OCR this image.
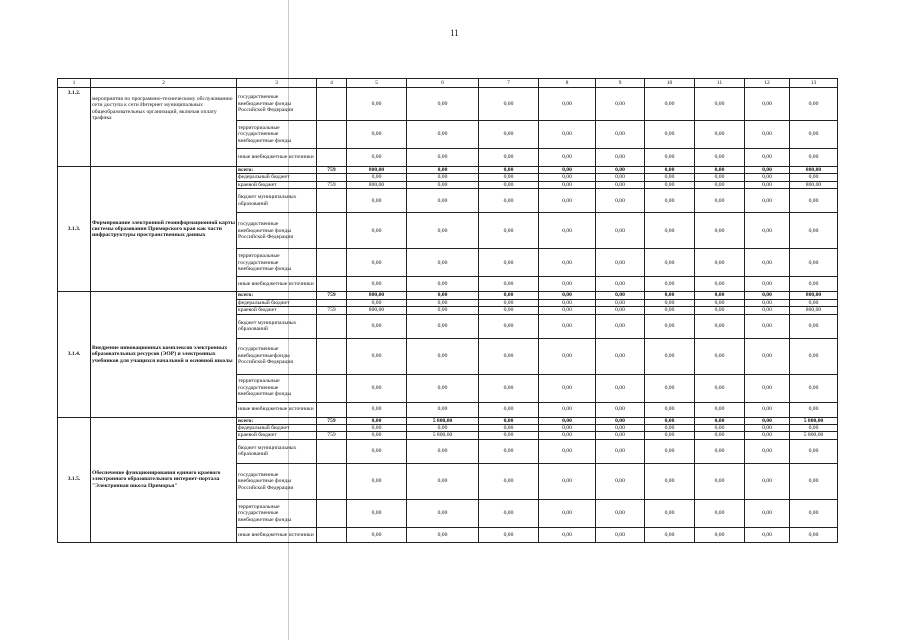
11
1	2	3	4	5	6	7	8	9	10	11	12	13
3.1.2.	мероприятия по программно-техническому обслуживанию сети доступа к сети Интернет муниципальных общеобразовательных организаций, включая оплату трафика	государственные внебюджетные фонды Российской Федерации		0,00	0,00	0,00	0,00	0,00	0,00	0,00	0,00	0,00
		территориальные государственные внебюджетные фонды		0,00	0,00	0,00	0,00	0,00	0,00	0,00	0,00	0,00
		иные внебюджетные источники		0,00	0,00	0,00	0,00	0,00	0,00	0,00	0,00	0,00
3.1.3.	Формирование электронной геоинформационной карты системы образования Приморского края как части инфраструктуры пространственных данных	всего:	759	800,00	0,00	0,00	0,00	0,00	0,00	0,00	0,00	800,00
		федеральный бюджет		0,00	0,00	0,00	0,00	0,00	0,00	0,00	0,00	0,00
		краевой бюджет	759	800,00	0,00	0,00	0,00	0,00	0,00	0,00	0,00	800,00
		бюджет муниципальных образований		0,00	0,00	0,00	0,00	0,00	0,00	0,00	0,00	0,00
		государственные внебюджетные фонды Российской Федерации		0,00	0,00	0,00	0,00	0,00	0,00	0,00	0,00	0,00
		территориальные государственные внебюджетные фонды		0,00	0,00	0,00	0,00	0,00	0,00	0,00	0,00	0,00
		иные внебюджетные источники		0,00	0,00	0,00	0,00	0,00	0,00	0,00	0,00	0,00
3.1.4.	Внедрение инновационных комплексов электронных образовательных ресурсов (ЭОР) и электронных учебников для учащихся начальной и основной школы	всего:	759	800,00	0,00	0,00	0,00	0,00	0,00	0,00	0,00	800,00
		федеральный бюджет		0,00	0,00	0,00	0,00	0,00	0,00	0,00	0,00	0,00
		краевой бюджет	759	800,00	0,00	0,00	0,00	0,00	0,00	0,00	0,00	800,00
		бюджет муниципальных образований		0,00	0,00	0,00	0,00	0,00	0,00	0,00	0,00	0,00
		государственные внебюджетныефонды Российской Федерации		0,00	0,00	0,00	0,00	0,00	0,00	0,00	0,00	0,00
		территориальные государственные внебюджетные фонды		0,00	0,00	0,00	0,00	0,00	0,00	0,00	0,00	0,00
		иные внебюджетные источники		0,00	0,00	0,00	0,00	0,00	0,00	0,00	0,00	0,00
3.1.5.	Обеспечение функционирования единого краевого электронного образовательного интернет-портала "Электронная школа Приморья"	всего:	759	0,00	5 800,00	0,00	0,00	0,00	0,00	0,00	0,00	5 800,00
		федеральный бюджет		0,00	0,00	0,00	0,00	0,00	0,00	0,00	0,00	0,00
		краевой бюджет	759	0,00	5 800,00	0,00	0,00	0,00	0,00	0,00	0,00	5 800,00
		бюджет муниципальных образований		0,00	0,00	0,00	0,00	0,00	0,00	0,00	0,00	0,00
		государственные внебюджетные фонды Российской Федерации		0,00	0,00	0,00	0,00	0,00	0,00	0,00	0,00	0,00
		территориальные государственные внебюджетные фонды		0,00	0,00	0,00	0,00	0,00	0,00	0,00	0,00	0,00
		иные внебюджетные источники		0,00	0,00	0,00	0,00	0,00	0,00	0,00	0,00	0,00
